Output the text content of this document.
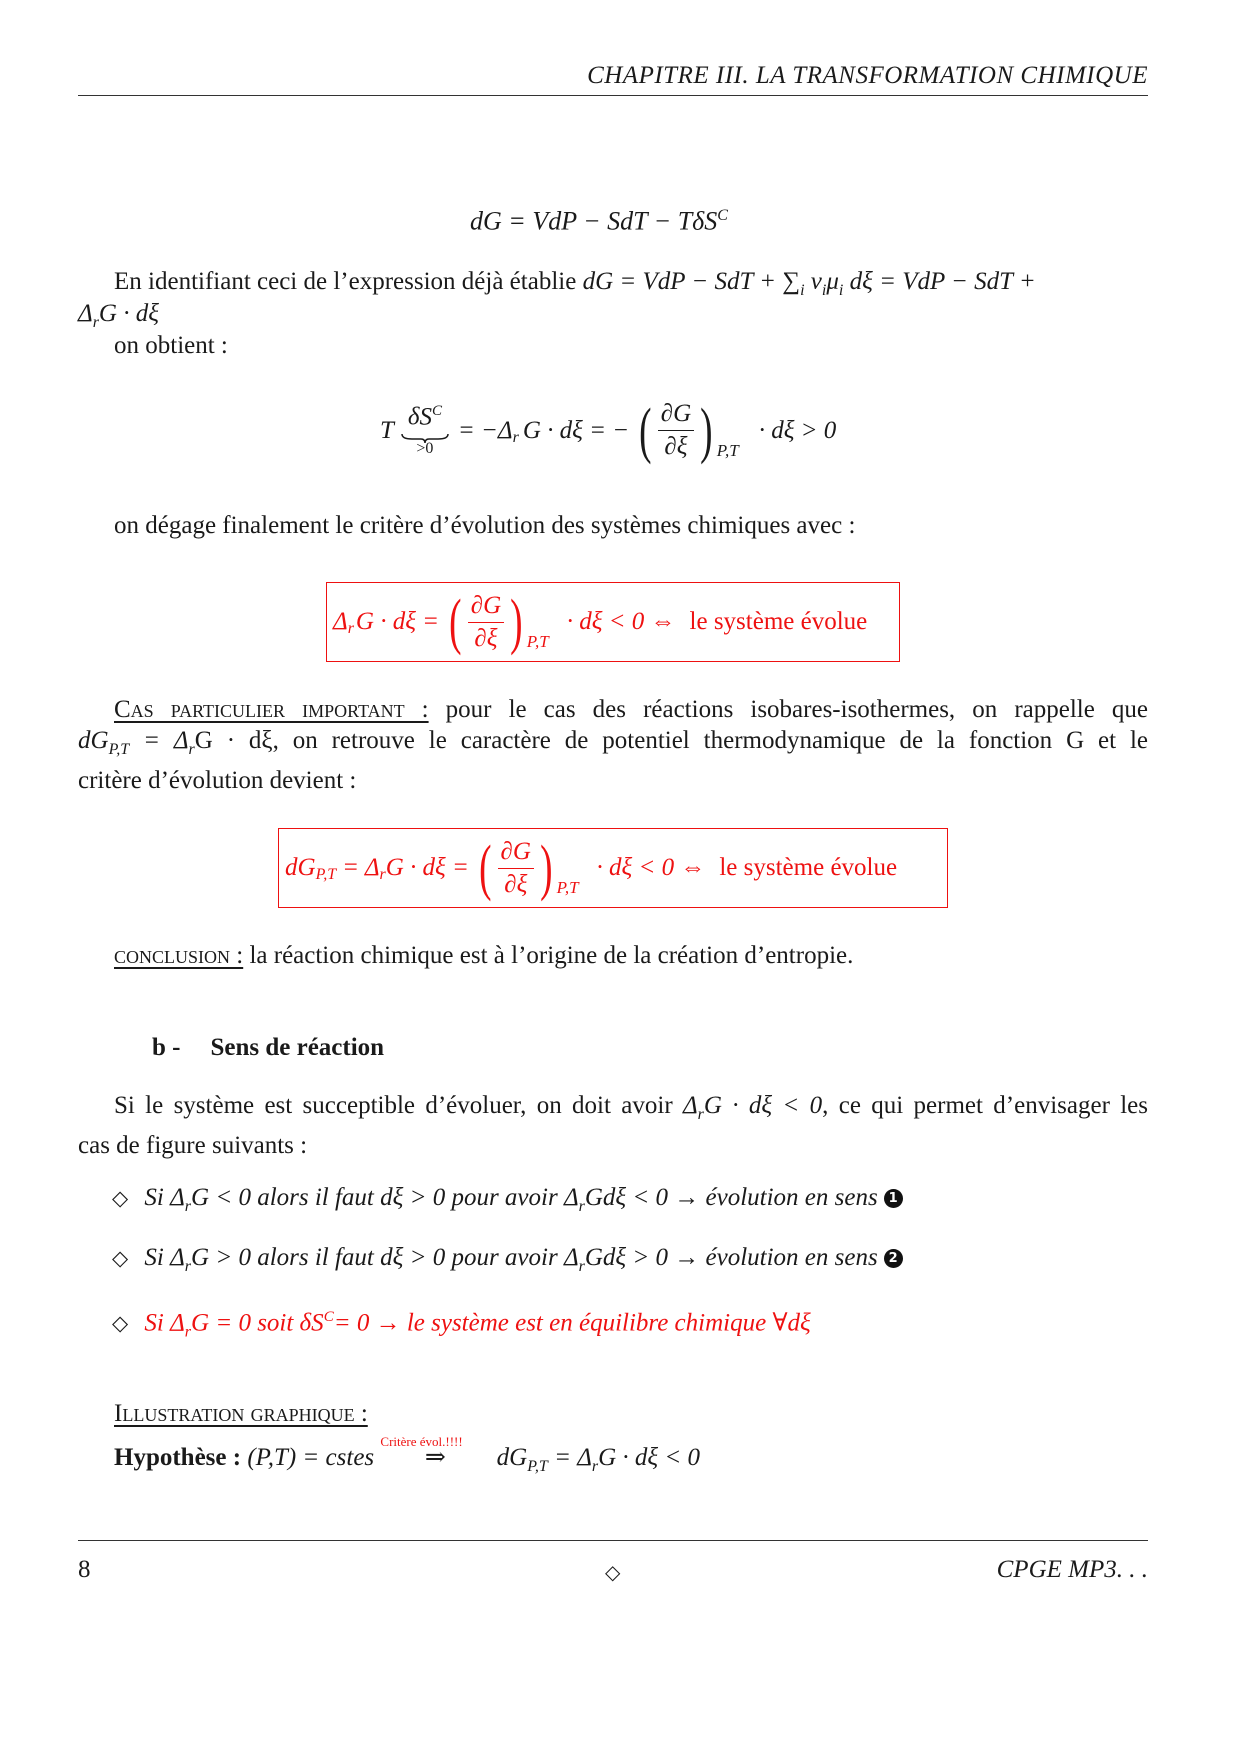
CHAPITRE III. LA TRANSFORMATION CHIMIQUE
dG = VdP − SdT − TδS$^C$
En identifiant ceci de l’expression déjà établie dG = VdP − SdT + $\sum_i$ $\nu_i\mu_i$ dξ = VdP − SdT +
$\Delta_rG \cdot d\xi$
on obtient :
T $\delta S^C$
>0
= $-\Delta_r$ G · dξ = − ( $\frac{\partial G}{\partial\xi}$ ) P,T
· dξ > 0
on dégage finalement le critère d’évolution des systèmes chimiques avec :
$\Delta_r$ G · dξ = ( $\frac{\partial G}{\partial\xi}$ ) P,T
· dξ < 0 ⇔ le système évolue
Cas particulier important : pour le cas des réactions isobares-isothermes, on rappelle que
$dG_{P,T} = \Delta_rG \cdot d\xi$, on retrouve le caractère de potentiel thermodynamique de la fonction G et le
critère d’évolution devient :
$dG_{P,T} = \Delta_r$ G · dξ = ( $\frac{\partial G}{\partial\xi}$ ) P,T
· dξ < 0 ⇔ le système évolue
conclusion : la réaction chimique est à l’origine de la création d’entropie.
b - Sens de réaction
Si le système est succeptible d’évoluer, on doit avoir $\Delta_rG \cdot d\xi < 0$, ce qui permet d’envisager les
cas de figure suivants :
◇ Si $\Delta_rG < 0$ alors il faut dξ > 0 pour avoir $\Delta_rGd\xi < 0$ → évolution en sens 1
◇ Si $\Delta_rG > 0$ alors il faut dξ > 0 pour avoir $\Delta_rGd\xi > 0$ → évolution en sens 2
◇ Si $\Delta_rG = 0$ soit $\delta S^C= 0$ → le système est en équilibre chimique ∀dξ
Illustration graphique :
Hypothèse : (P,T) = cstes
Critère évol.!!!!
⇒ $dG_{P,T} = \Delta_rG \cdot d\xi < 0$
8	◇	CPGE MP3. . .
